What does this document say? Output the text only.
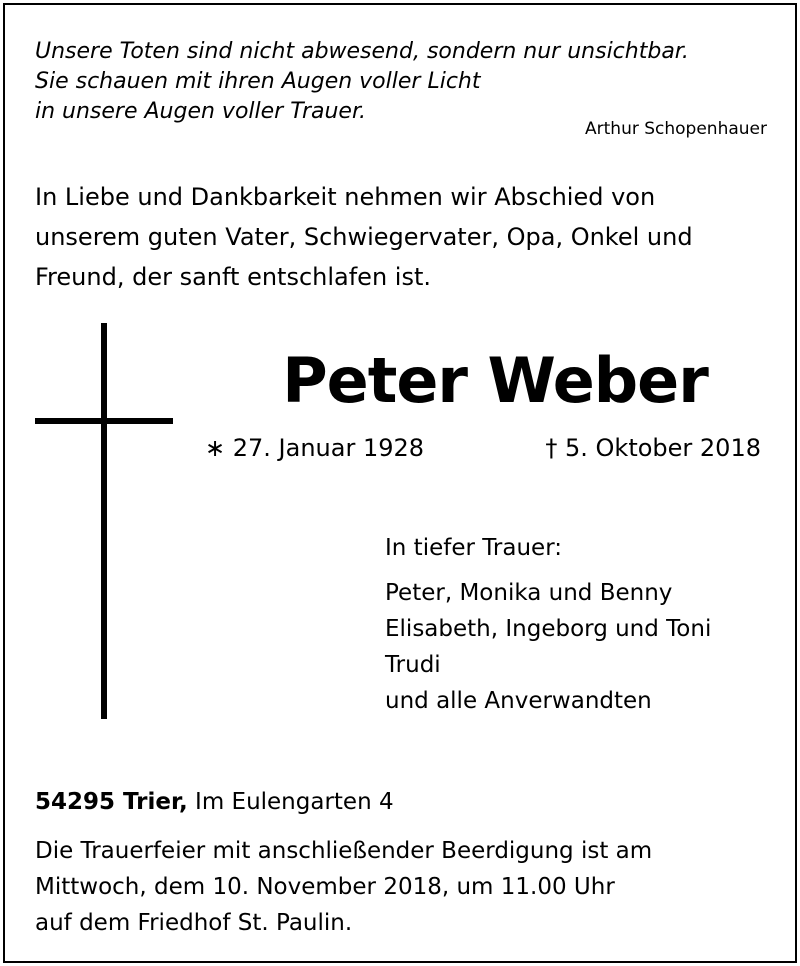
Unsere Toten sind nicht abwesend, sondern nur unsichtbar.
Sie schauen mit ihren Augen voller Licht
in unsere Augen voller Trauer.
Arthur Schopenhauer
In Liebe und Dankbarkeit nehmen wir Abschied von
unserem guten Vater, Schwiegervater, Opa, Onkel und
Freund, der sanft entschlafen ist.
Peter Weber
∗ 27. Januar 1928	† 5. Oktober 2018
In tiefer Trauer:
Peter, Monika und Benny
Elisabeth, Ingeborg und Toni
Trudi
und alle Anverwandten
54295 Trier, Im Eulengarten 4
Die Trauerfeier mit anschließender Beerdigung ist am
Mittwoch, dem 10. November 2018, um 11.00 Uhr
auf dem Friedhof St. Paulin.
